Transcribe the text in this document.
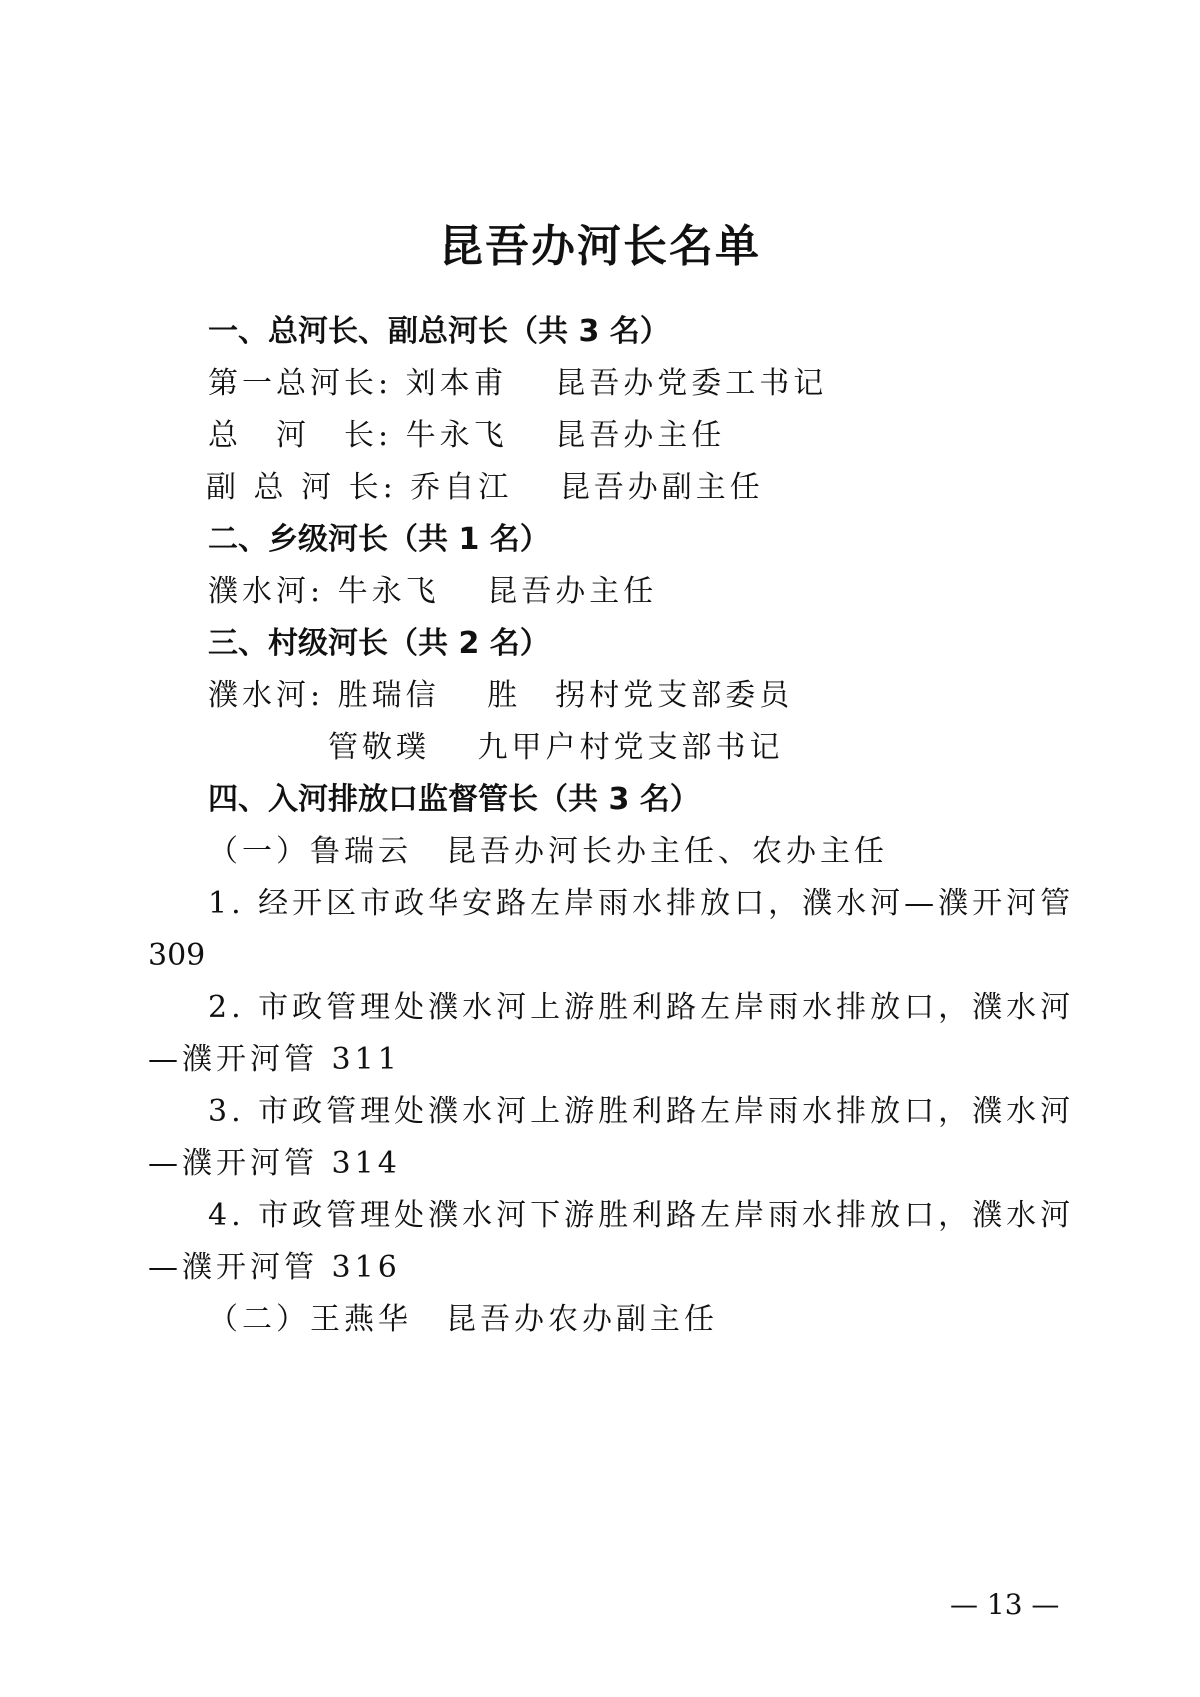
昆吾办河长名单
一、总河长、副总河长（共 3 名）
第一总河长: 刘本甫 昆吾办党委工书记
总　河　长: 牛永飞 昆吾办主任
副 总 河 长: 乔自江 昆吾办副主任
二、乡级河长（共 1 名）
濮水河: 牛永飞 昆吾办主任
三、村级河长（共 2 名）
濮水河: 胜瑞信 胜　拐村党支部委员
管敬璞 九甲户村党支部书记
四、入河排放口监督管长（共 3 名）
（一）鲁瑞云　昆吾办河长办主任、农办主任
1. 经开区市政华安路左岸雨水排放口，濮水河—濮开河管
309
2. 市政管理处濮水河上游胜利路左岸雨水排放口，濮水河
—濮开河管 311
3. 市政管理处濮水河上游胜利路左岸雨水排放口，濮水河
—濮开河管 314
4. 市政管理处濮水河下游胜利路左岸雨水排放口，濮水河
—濮开河管 316
（二）王燕华　昆吾办农办副主任
— 13 —
